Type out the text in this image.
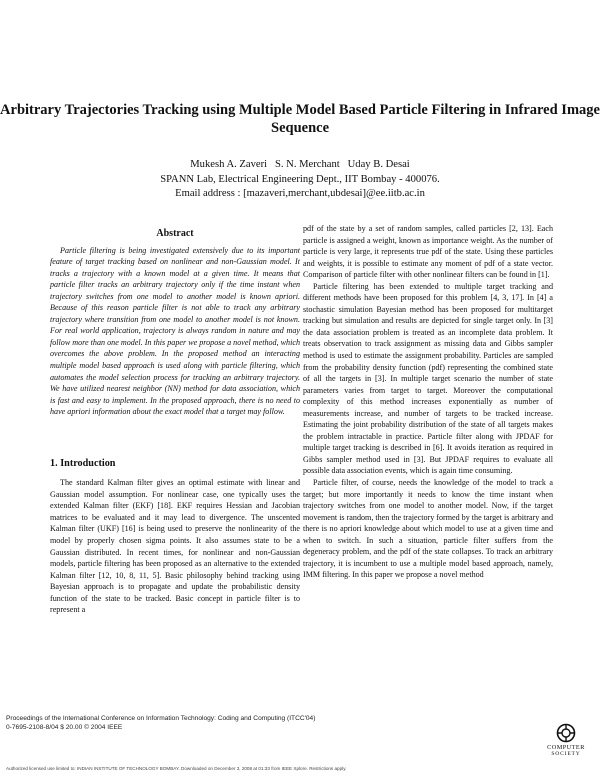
Arbitrary Trajectories Tracking using Multiple Model Based Particle Filtering in Infrared Image Sequence
Mukesh A. Zaveri   S. N. Merchant   Uday B. Desai
SPANN Lab, Electrical Engineering Dept., IIT Bombay - 400076.
Email address : [mazaveri,merchant,ubdesai]@ee.iitb.ac.in
Abstract

Particle filtering is being investigated extensively due to its important feature of target tracking based on nonlinear and non-Gaussian model. It tracks a trajectory with a known model at a given time. It means that particle filter tracks an arbitrary trajectory only if the time instant when trajectory switches from one model to another model is known apriori. Because of this reason particle filter is not able to track any arbitrary trajectory where transition from one model to another model is not known. For real world application, trajectory is always random in nature and may follow more than one model. In this paper we propose a novel method, which overcomes the above problem. In the proposed method an interacting multiple model based approach is used along with particle filtering, which automates the model selection process for tracking an arbitrary trajectory. We have utilized nearest neighbor (NN) method for data association, which is fast and easy to implement. In the proposed approach, there is no need to have apriori information about the exact model that a target may follow.

1. Introduction

The standard Kalman filter gives an optimal estimate with linear and Gaussian model assumption. For nonlinear case, one typically uses the extended Kalman filter (EKF) [18]. EKF requires Hessian and Jacobian matrices to be evaluated and it may lead to divergence. The unscented Kalman filter (UKF) [16] is being used to preserve the nonlinearity of the model by properly chosen sigma points. It also assumes state to be a Gaussian distributed. In recent times, for nonlinear and non-Gaussian models, particle filtering has been proposed as an alternative to the extended Kalman filter [12, 10, 8, 11, 5]. Basic philosophy behind tracking using Bayesian approach is to propagate and update the probabilistic density function of the state to be tracked. Basic concept in particle filter is to represent a

pdf of the state by a set of random samples, called particles [2, 13]. Each particle is assigned a weight, known as importance weight. As the number of particle is very large, it represents true pdf of the state. Using these particles and weights, it is possible to estimate any moment of pdf of a state vector. Comparison of particle filter with other nonlinear filters can be found in [1].

Particle filtering has been extended to multiple target tracking and different methods have been proposed for this problem [4, 3, 17]. In [4] a stochastic simulation Bayesian method has been proposed for multitarget tracking but simulation and results are depicted for single target only. In [3] the data association problem is treated as an incomplete data problem. It treats observation to track assignment as missing data and Gibbs sampler method is used to estimate the assignment probability. Particles are sampled from the probability density function (pdf) representing the combined state of all the targets in [3]. In multiple target scenario the number of state parameters varies from target to target. Moreover the computational complexity of this method increases exponentially as number of measurements increase, and number of targets to be tracked increase. Estimating the joint probability distribution of the state of all targets makes the problem intractable in practice. Particle filter along with JPDAF for multiple target tracking is described in [6]. It avoids iteration as required in Gibbs sampler method used in [3]. But JPDAF requires to evaluate all possible data association events, which is again time consuming.

Particle filter, of course, needs the knowledge of the model to track a target; but more importantly it needs to know the time instant when trajectory switches from one model to another model. Now, if the target movement is random, then the trajectory formed by the target is arbitrary and there is no apriori knowledge about which model to use at a given time and when to switch. In such a situation, particle filter suffers from the degeneracy problem, and the pdf of the state collapses. To track an arbitrary trajectory, it is incumbent to use a multiple model based approach, namely, IMM filtering. In this paper we propose a novel method

Proceedings of the International Conference on Information Technology: Coding and Computing (ITCC'04)
0-7695-2108-8/04 $ 20.00 © 2004 IEEE
Authorized licensed use limited to: INDIAN INSTITUTE OF TECHNOLOGY BOMBAY. Downloaded on December 3, 2008 at 01:33 from IEEE Xplore. Restrictions apply.
COMPUTER
SOCIETY
